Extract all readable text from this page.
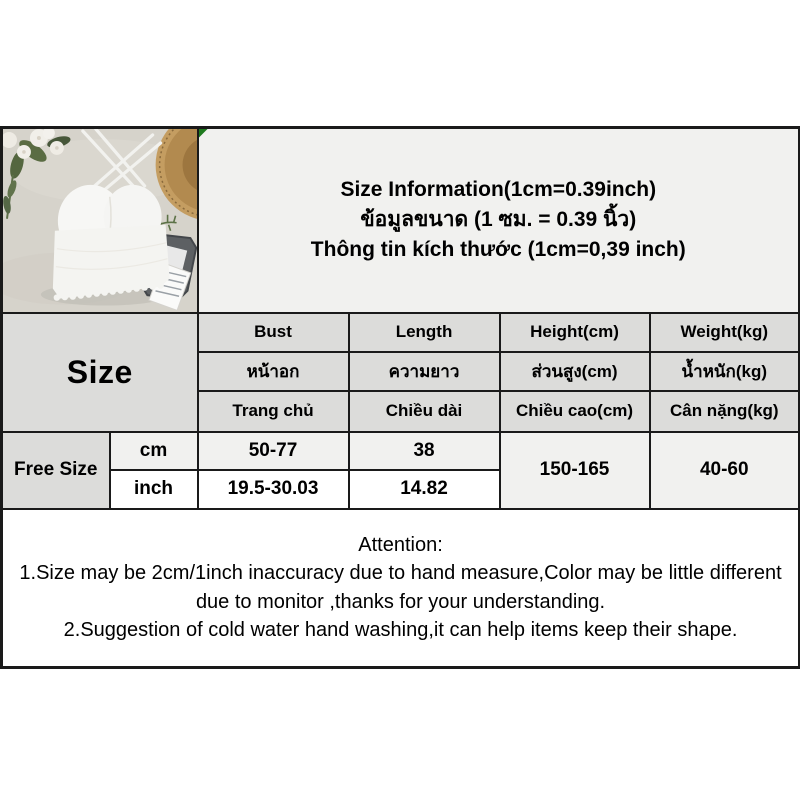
Size Information(1cm=0.39inch)
ข้อมูลขนาด (1 ซม. = 0.39 นิ้ว)
Thông tin kích thước (1cm=0,39 inch)			

Size		Bust	Length	Height(cm)	Weight(kg)
		หน้าอก	ความยาว	ส่วนสูง(cm)	น้ำหนัก(kg)
		Trang chủ	Chiều dài	Chiều cao(cm)	Cân nặng(kg)
Free Size	cm	50-77	38	150-165	40-60
	inch	19.5-30.03	14.82		

Attention:
1.Size may be 2cm/1inch inaccuracy due to hand measure,Color may be little different due to monitor ,thanks for your understanding.
2.Suggestion of cold water hand washing,it can help items keep their shape.					
